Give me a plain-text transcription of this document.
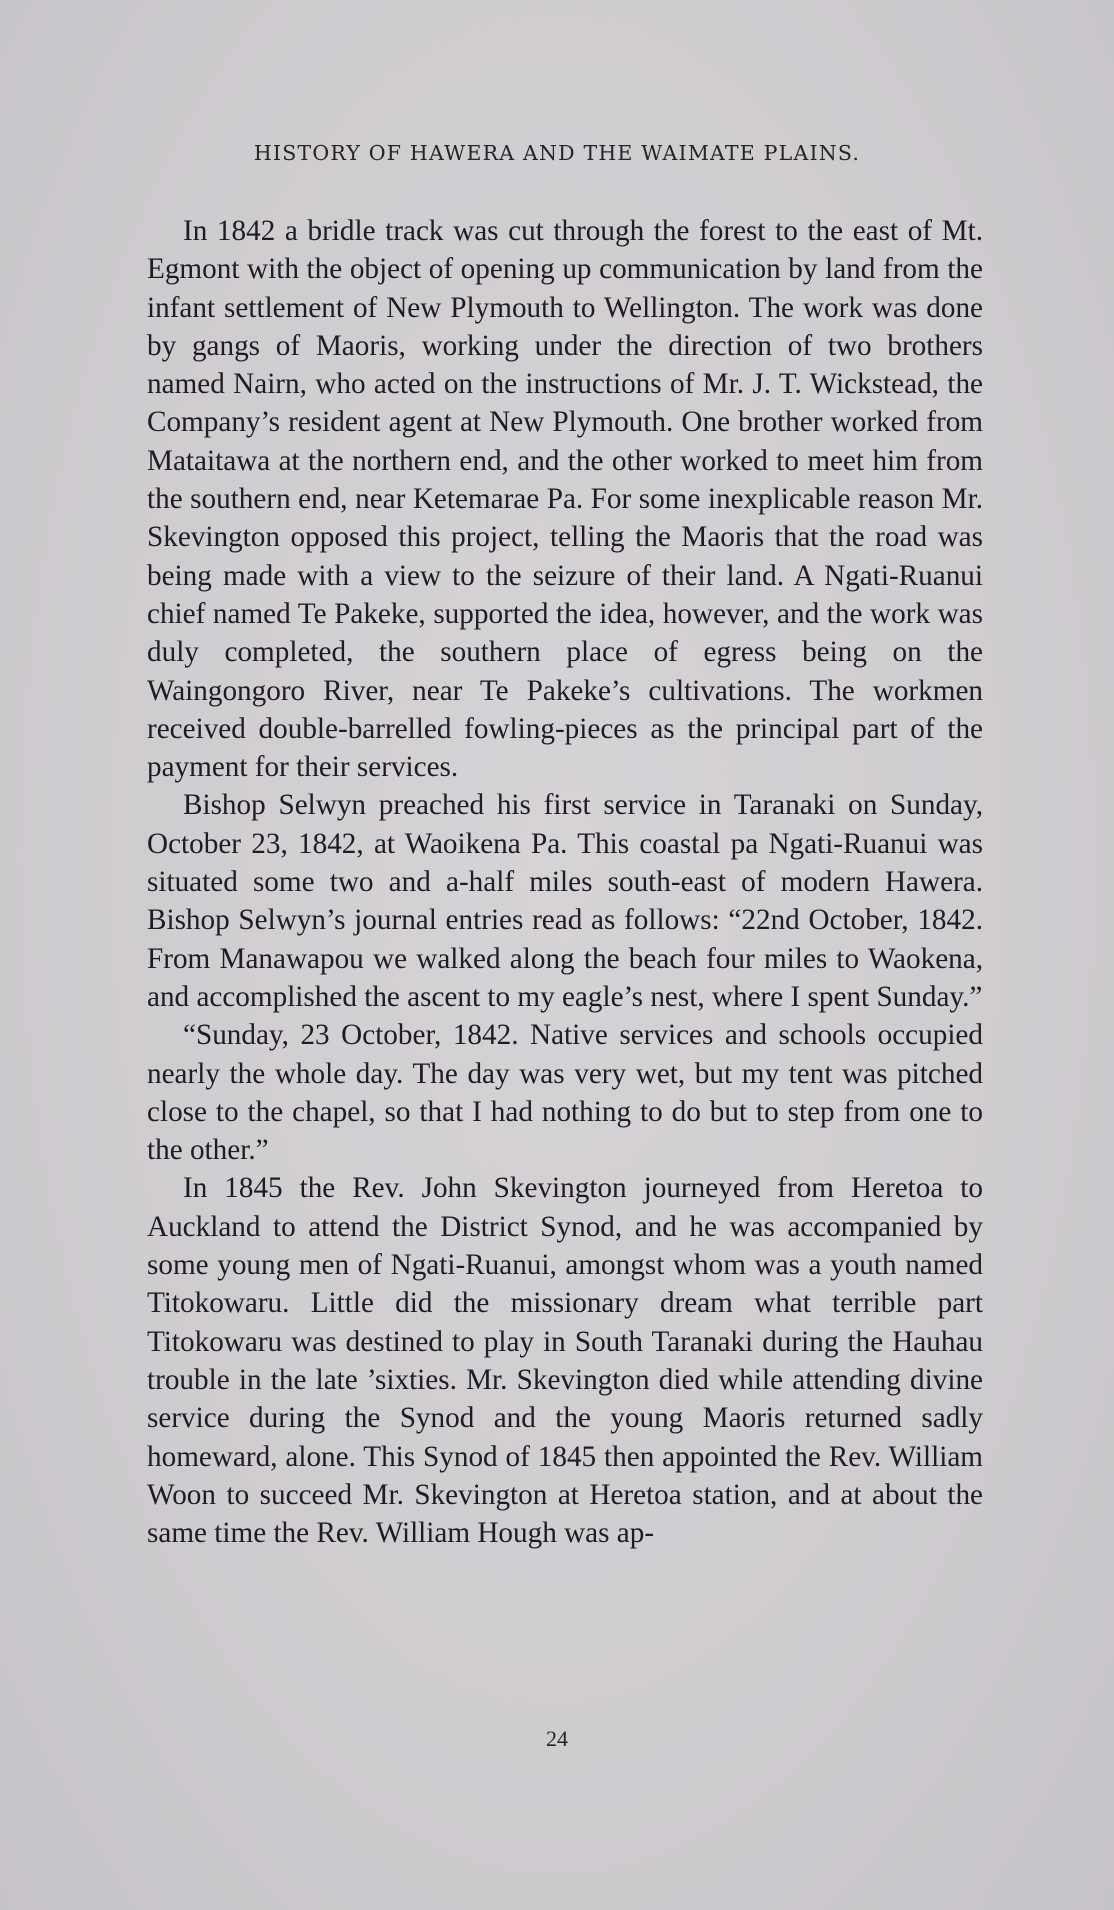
HISTORY OF HAWERA AND THE WAIMATE PLAINS.

In 1842 a bridle track was cut through the forest to the east of Mt. Egmont with the object of opening up communication by land from the infant settlement of New Plymouth to Wellington. The work was done by gangs of Maoris, working under the direction of two brothers named Nairn, who acted on the instructions of Mr. J. T. Wickstead, the Company’s resident agent at New Plymouth. One brother worked from Mataitawa at the northern end, and the other worked to meet him from the southern end, near Ketemarae Pa. For some inexplicable reason Mr. Skevington opposed this project, telling the Maoris that the road was being made with a view to the seizure of their land. A Ngati-Ruanui chief named Te Pakeke, supported the idea, however, and the work was duly completed, the southern place of egress being on the Waingongoro River, near Te Pakeke’s cultivations. The workmen received double-barrelled fowling-pieces as the principal part of the payment for their services.

Bishop Selwyn preached his first service in Taranaki on Sunday, October 23, 1842, at Waoikena Pa. This coastal pa Ngati-Ruanui was situated some two and a-half miles south-east of modern Hawera. Bishop Selwyn’s journal entries read as follows: “22nd October, 1842. From Manawapou we walked along the beach four miles to Waokena, and accomplished the ascent to my eagle’s nest, where I spent Sunday.”

“Sunday, 23 October, 1842. Native services and schools occupied nearly the whole day. The day was very wet, but my tent was pitched close to the chapel, so that I had nothing to do but to step from one to the other.”

In 1845 the Rev. John Skevington journeyed from Heretoa to Auckland to attend the District Synod, and he was accompanied by some young men of Ngati-Ruanui, amongst whom was a youth named Titokowaru. Little did the missionary dream what terrible part Titokowaru was destined to play in South Taranaki during the Hauhau trouble in the late ’sixties. Mr. Skevington died while attending divine service during the Synod and the young Maoris returned sadly homeward, alone. This Synod of 1845 then appointed the Rev. William Woon to succeed Mr. Skevington at Heretoa station, and at about the same time the Rev. William Hough was ap-

24
